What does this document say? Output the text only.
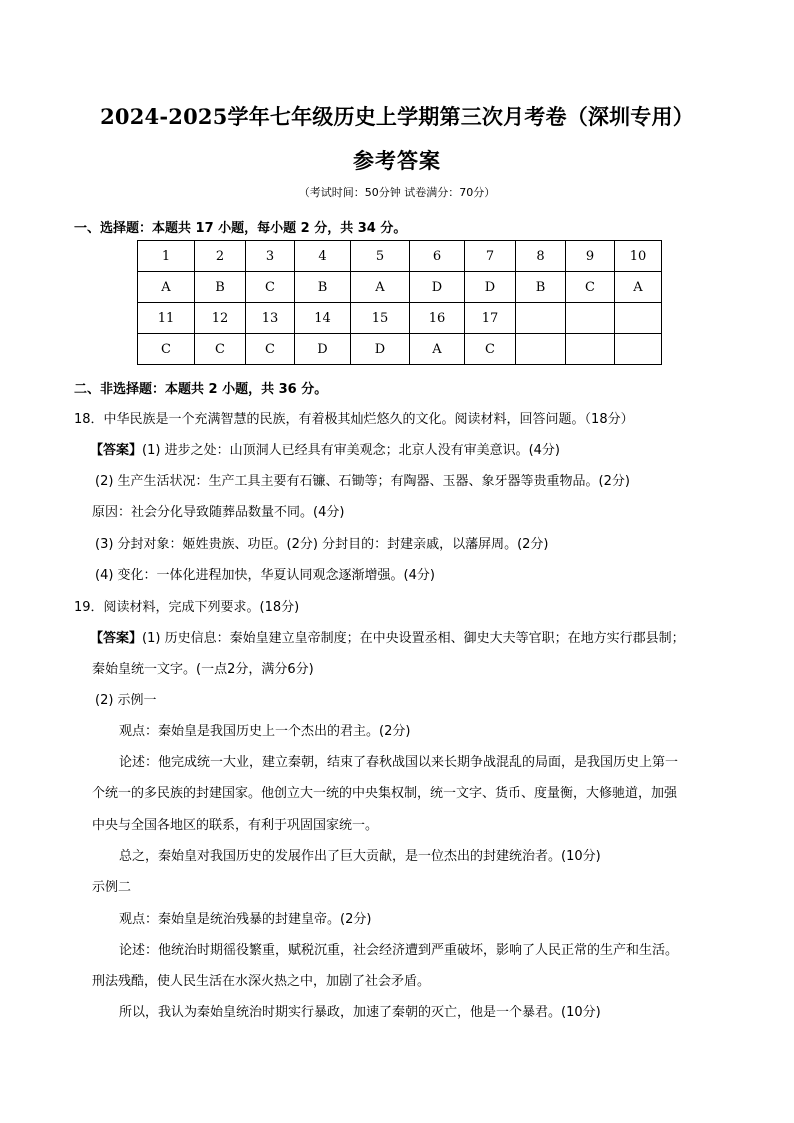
2024-2025学年七年级历史上学期第三次月考卷（深圳专用）
参考答案
（考试时间：50分钟 试卷满分：70分）
一、选择题：本题共 17 小题，每小题 2 分，共 34 分。
1	2	3	4	5	6	7	8	9	10
A	B	C	B	A	D	D	B	C	A
11	12	13	14	15	16	17			
C	C	C	D	D	A	C			
二、非选择题：本题共 2 小题，共 36 分。
18．中华民族是一个充满智慧的民族，有着极其灿烂悠久的文化。阅读材料，回答问题。（18分）
【答案】(1) 进步之处：山顶洞人已经具有审美观念；北京人没有审美意识。(4分)
(2) 生产生活状况：生产工具主要有石镰、石锄等；有陶器、玉器、象牙器等贵重物品。(2分)
原因：社会分化导致随葬品数量不同。(4分)
(3) 分封对象：姬姓贵族、功臣。(2分) 分封目的：封建亲戚，以藩屏周。(2分)
(4) 变化：一体化进程加快，华夏认同观念逐渐增强。(4分)
19．阅读材料，完成下列要求。(18分)
【答案】(1) 历史信息：秦始皇建立皇帝制度；在中央设置丞相、御史大夫等官职；在地方实行郡县制；
秦始皇统一文字。(一点2分，满分6分)
(2) 示例一
观点：秦始皇是我国历史上一个杰出的君主。(2分)
论述：他完成统一大业，建立秦朝，结束了春秋战国以来长期争战混乱的局面，是我国历史上第一
个统一的多民族的封建国家。他创立大一统的中央集权制，统一文字、货币、度量衡，大修驰道，加强
中央与全国各地区的联系，有利于巩固国家统一。
总之，秦始皇对我国历史的发展作出了巨大贡献，是一位杰出的封建统治者。(10分)
示例二
观点：秦始皇是统治残暴的封建皇帝。(2分)
论述：他统治时期徭役繁重，赋税沉重，社会经济遭到严重破坏，影响了人民正常的生产和生活。
刑法残酷，使人民生活在水深火热之中，加剧了社会矛盾。
所以，我认为秦始皇统治时期实行暴政，加速了秦朝的灭亡，他是一个暴君。(10分)
